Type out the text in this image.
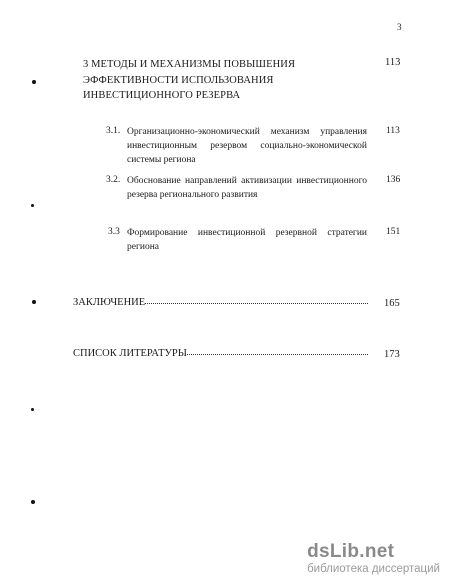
3
3 МЕТОДЫ И МЕХАНИЗМЫ ПОВЫШЕНИЯ ЭФФЕКТИВНОСТИ ИСПОЛЬЗОВАНИЯ ИНВЕСТИЦИОННОГО РЕЗЕРВА
113
3.1. Организационно-экономический механизм управления инвестиционным резервом социально-экономической системы региона
113
3.2. Обоснование направлений активизации инвестиционного резерва регионального развития
136
3.3 Формирование инвестиционной резервной стратегии региона
151
ЗАКЛЮЧЕНИЕ	165
СПИСОК ЛИТЕРАТУРЫ	173
dsLib.net
библиотека диссертаций
